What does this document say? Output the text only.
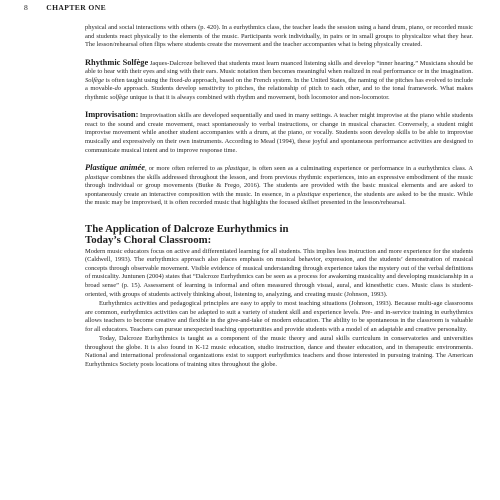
8 CHAPTER ONE

physical and social interactions with others (p. 420). In a eurhythmics class, the teacher leads the session using a hand drum, piano, or recorded music and students react physically to the elements of the music. Participants work individually, in pairs or in small groups to physicalize what they hear. The lesson/rehearsal often flips where students create the movement and the teacher accompanies what is being physically created.

Rhythmic Solfège Jaques-Dalcroze believed that students must learn nuanced listening skills and develop “inner hearing.” Musicians should be able to hear with their eyes and sing with their ears. Music notation then becomes meaningful when realized in real performance or in the imagination. Solfège is often taught using the fixed-do approach, based on the French system. In the United States, the naming of the pitches has evolved to include a movable-do approach. Students develop sensitivity to pitches, the relationship of pitch to each other, and to the tonal framework. What makes rhythmic solfège unique is that it is always combined with rhythm and movement, both locomotor and non-locomotor.

Improvisation: Improvisation skills are developed sequentially and used in many settings. A teacher might improvise at the piano while students react to the sound and create movement, react spontaneously to verbal instructions, or change in musical character. Conversely, a student might improvise movement while another student accompanies with a drum, at the piano, or vocally. Students soon develop skills to be able to improvise musically and expressively on their own instruments. According to Mead (1994), these joyful and spontaneous performance activities are designed to communicate musical intent and to improve response time.

Plastique animée, or more often referred to as plastique, is often seen as a culminating experience or performance in a eurhythmics class. A plastique combines the skills addressed throughout the lesson, and from previous rhythmic experiences, into an expressive embodiment of the music through individual or group movements (Butke & Frego, 2016). The students are provided with the basic musical elements and are asked to spontaneously create an interactive composition with the music. In essence, in a plastique experience, the students are asked to be the music. While the music may be improvised, it is often recorded music that highlights the focused skillset presented in the lesson/rehearsal.

The Application of Dalcroze Eurhythmics in
Today’s Choral Classroom:

Modern music educators focus on active and differentiated learning for all students. This implies less instruction and more experience for the students (Caldwell, 1993). The eurhythmics approach also places emphasis on musical behavior, expression, and the students’ demonstration of musical concepts through observable movement. Visible evidence of musical understanding through experience takes the mystery out of the verbal definitions of musicality. Juntunen (2004) states that “Dalcroze Eurhythmics can be seen as a process for awakening musicality and developing musicianship in a broad sense” (p. 15). Assessment of learning is informal and often measured through visual, aural, and kinesthetic cues. Music class is student-oriented, with groups of students actively thinking about, listening to, analyzing, and creating music (Johnson, 1993).

Eurhythmics activities and pedagogical principles are easy to apply to most teaching situations (Johnson, 1993). Because multi-age classrooms are common, eurhythmics activities can be adapted to suit a variety of student skill and experience levels. Pre- and in-service training in eurhythmics allows teachers to become creative and flexible in the give-and-take of modern education. The ability to be spontaneous in the classroom is valuable for all educators. Teachers can pursue unexpected teaching opportunities and provide students with a model of an adaptable and creative personality.

Today, Dalcroze Eurhythmics is taught as a component of the music theory and aural skills curriculum in conservatories and universities throughout the globe. It is also found in K-12 music education, studio instruction, dance and theater education, and in therapeutic environments. National and international professional organizations exist to support eurhythmics teachers and those interested in pursuing training. The American Eurhythmics Society posts locations of training sites throughout the globe.
